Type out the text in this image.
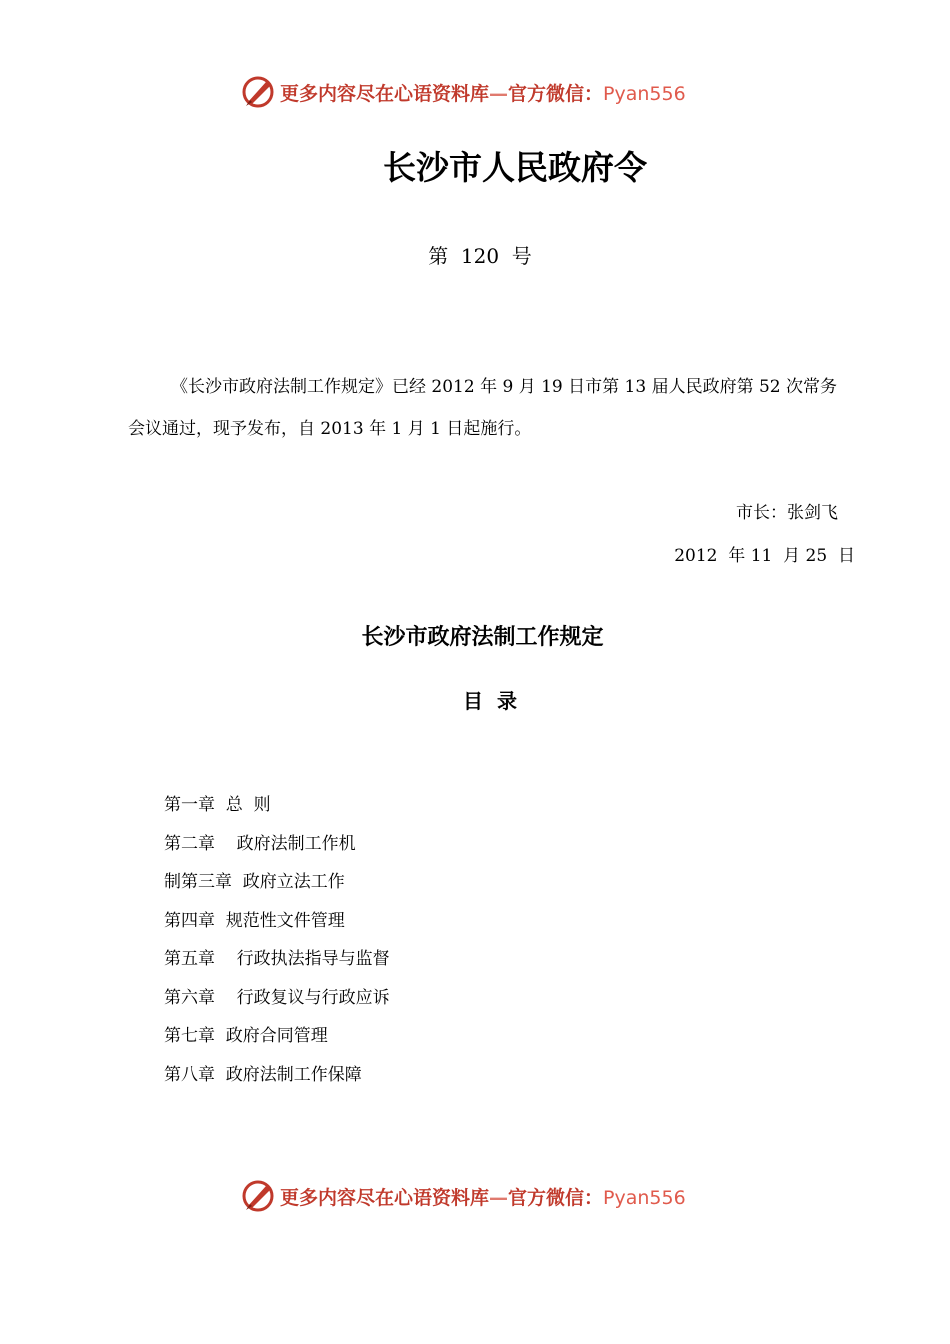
更多内容尽在心语资料库—官方微信：Pyan556
长沙市人民政府令
第  120  号
《长沙市政府法制工作规定》已经 2012 年 9 月 19 日市第 13 届人民政府第 52 次常务
会议通过，现予发布，自 2013 年 1 月 1 日起施行。
市长：张剑飞
2012  年 11  月 25  日
长沙市政府法制工作规定
目  录
第一章  总  则
第二章    政府法制工作机
制第三章  政府立法工作
第四章  规范性文件管理
第五章    行政执法指导与监督
第六章    行政复议与行政应诉
第七章  政府合同管理
第八章  政府法制工作保障
更多内容尽在心语资料库—官方微信：Pyan556
